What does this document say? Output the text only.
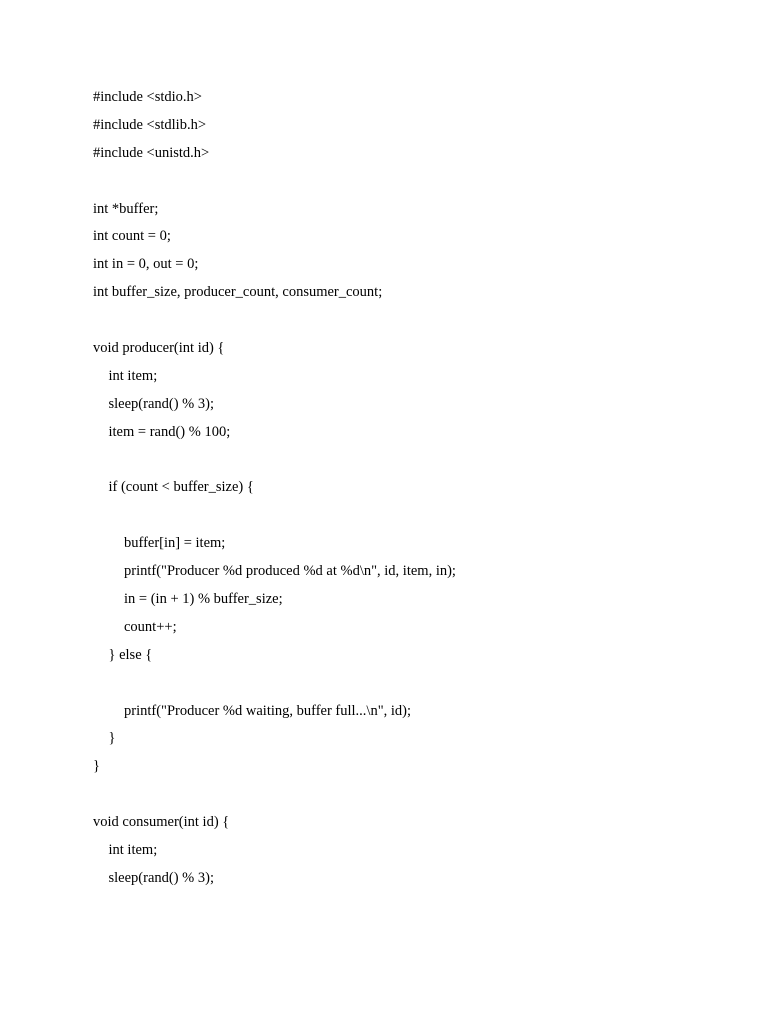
#include <stdio.h>
#include <stdlib.h>
#include <unistd.h>
int *buffer;
int count = 0;
int in = 0, out = 0;
int buffer_size, producer_count, consumer_count;
void producer(int id) {
int item;
sleep(rand() % 3);
item = rand() % 100;
if (count < buffer_size) {
buffer[in] = item;
printf("Producer %d produced %d at %d\n", id, item, in);
in = (in + 1) % buffer_size;
count++;
} else {
printf("Producer %d waiting, buffer full...\n", id);
}
}
void consumer(int id) {
int item;
sleep(rand() % 3);
